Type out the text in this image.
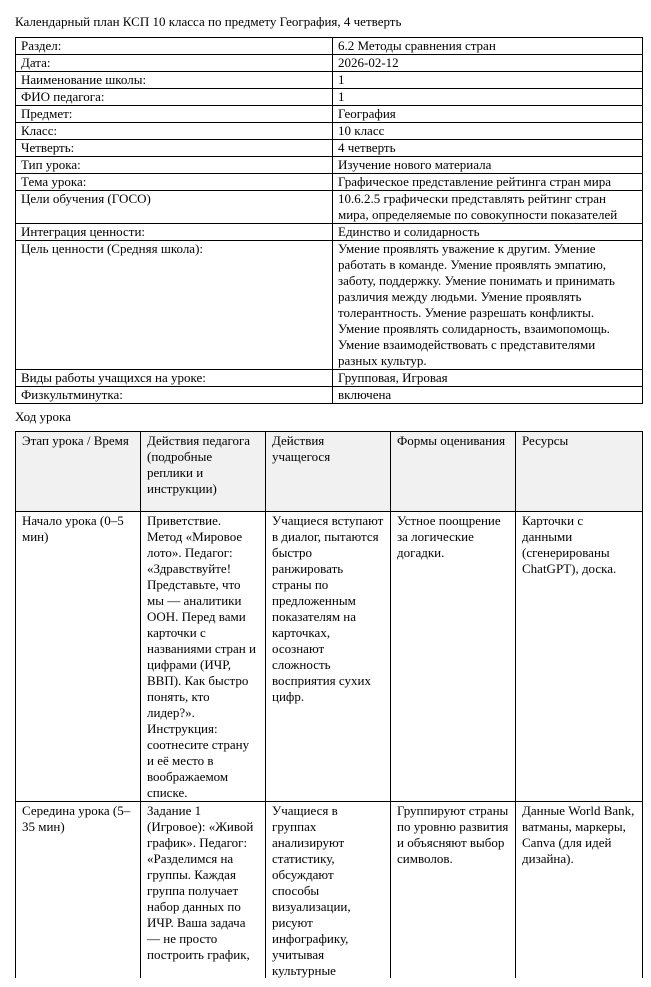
Календарный план КСП 10 класса по предмету География, 4 четверть
Раздел:	6.2 Методы сравнения стран
Дата:	2026-02-12
Наименование школы:	1
ФИО педагога:	1
Предмет:	География
Класс:	10 класс
Четверть:	4 четверть
Тип урока:	Изучение нового материала
Тема урока:	Графическое представление рейтинга стран мира
Цели обучения (ГОСО)	10.6.2.5 графически представлять рейтинг стран мира, определяемые по совокупности показателей
Интеграция ценности:	Единство и солидарность
Цель ценности (Средняя школа):	Умение проявлять уважение к другим. Умение работать в команде. Умение проявлять эмпатию, заботу, поддержку. Умение понимать и принимать различия между людьми. Умение проявлять толерантность. Умение разрешать конфликты. Умение проявлять солидарность, взаимопомощь. Умение взаимодействовать с представителями разных культур.
Виды работы учащихся на уроке:	Групповая, Игровая
Физкультминутка:	включена
Ход урока
Этап урока / Время	Действия педагога (подробные реплики и инструкции)	Действия учащегося	Формы оценивания	Ресурсы
Начало урока (0–5 мин)	Приветствие. Метод «Мировое лото». Педагог: «Здравствуйте! Представьте, что мы — аналитики ООН. Перед вами карточки с названиями стран и цифрами (ИЧР, ВВП). Как быстро понять, кто лидер?». Инструкция: соотнесите страну и её место в воображаемом списке.	Учащиеся вступают в диалог, пытаются быстро ранжировать страны по предложенным показателям на карточках, осознают сложность восприятия сухих цифр.	Устное поощрение за логические догадки.	Карточки с данными (сгенерированы ChatGPT), доска.
Середина урока (5–35 мин)	Задание 1 (Игровое): «Живой график». Педагог: «Разделимся на группы. Каждая группа получает набор данных по ИЧР. Ваша задача — не просто построить график,	Учащиеся в группах анализируют статистику, обсуждают способы визуализации, рисуют инфографику, учитывая культурные	Группируют страны по уровню развития и объясняют выбор символов.	Данные World Bank, ватманы, маркеры, Canva (для идей дизайна).
